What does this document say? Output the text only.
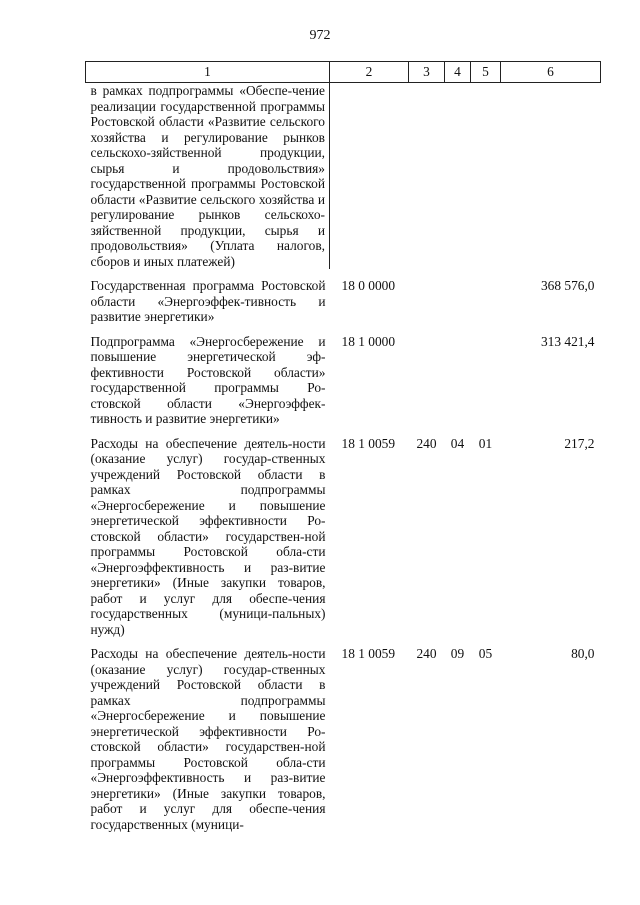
972
1	2	3	4	5	6
в рамках подпрограммы «Обеспе-чение реализации государственной программы Ростовской области «Развитие сельского хозяйства и регулирование рынков сельскохо-зяйственной продукции, сырья и продовольствия» государственной программы Ростовской области «Развитие сельского хозяйства и регулирование рынков сельскохо-зяйственной продукции, сырья и продовольствия» (Уплата налогов, сборов и иных платежей)					
Государственная программа Ростовской области «Энергоэффек-тивность и развитие энергетики»	18 0 0000				368 576,0
Подпрограмма «Энергосбережение и повышение энергетической эф-фективности Ростовской области» государственной программы Ро-стовской области «Энергоэффек-тивность и развитие энергетики»	18 1 0000				313 421,4
Расходы на обеспечение деятель-ности (оказание услуг) государ-ственных учреждений Ростовской области в рамках подпрограммы «Энергосбережение и повышение энергетической эффективности Ро-стовской области» государствен-ной программы Ростовской обла-сти «Энергоэффективность и раз-витие энергетики» (Иные закупки товаров, работ и услуг для обеспе-чения государственных (муници-пальных) нужд)	18 1 0059	240	04	01	217,2
Расходы на обеспечение деятель-ности (оказание услуг) государ-ственных учреждений Ростовской области в рамках подпрограммы «Энергосбережение и повышение энергетической эффективности Ро-стовской области» государствен-ной программы Ростовской обла-сти «Энергоэффективность и раз-витие энергетики» (Иные закупки товаров, работ и услуг для обеспе-чения государственных (муници-	18 1 0059	240	09	05	80,0
